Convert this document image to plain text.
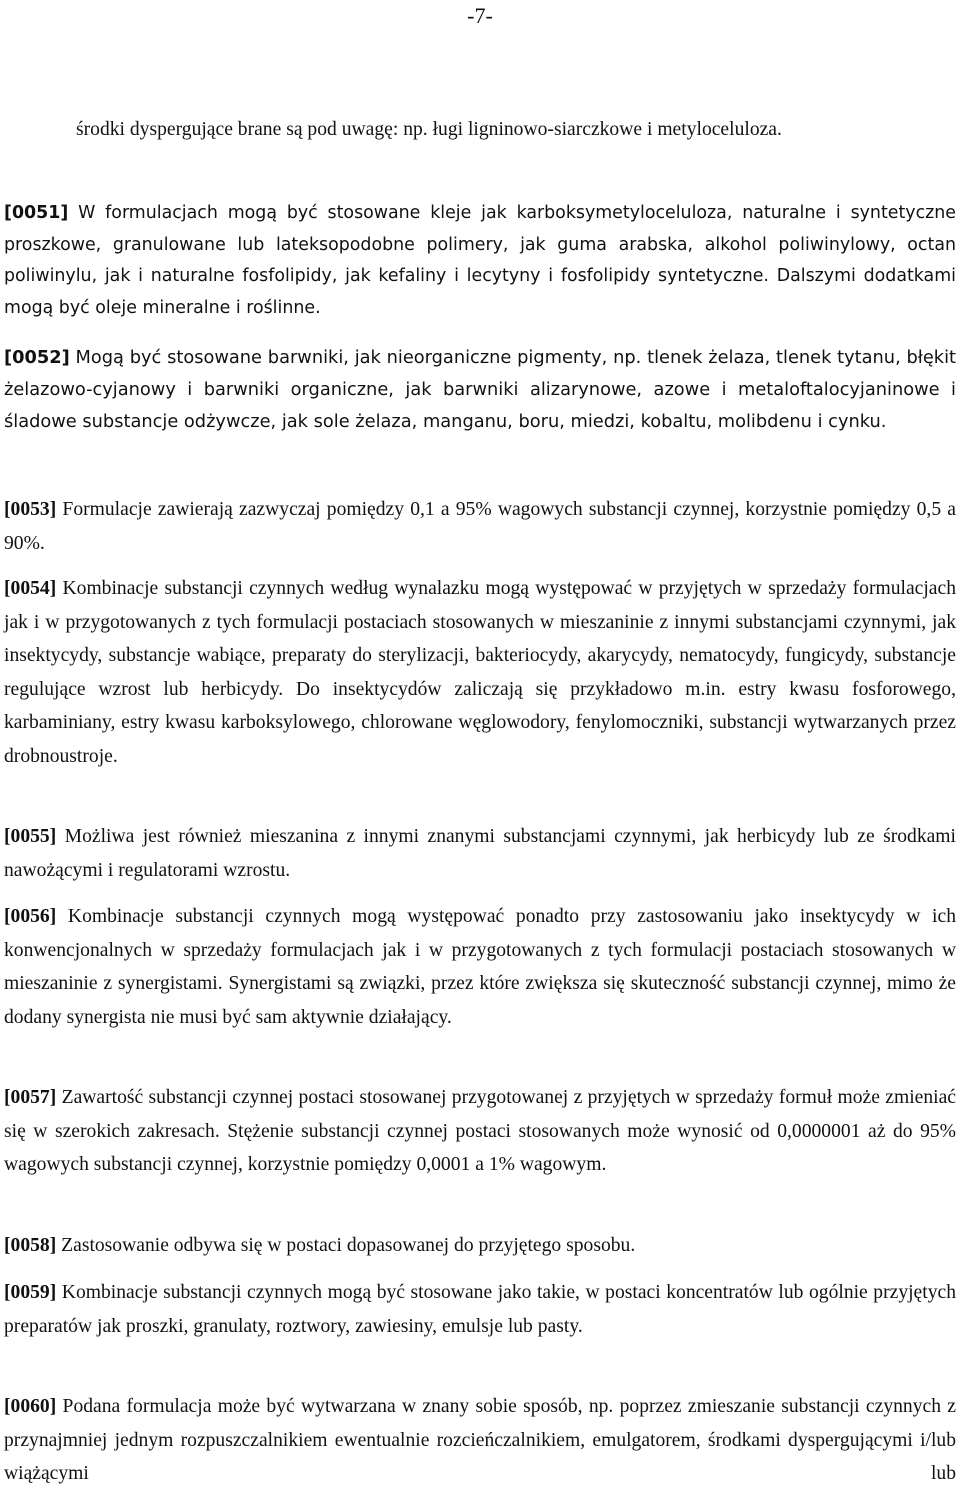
-7-

środki dyspergujące brane są pod uwagę: np. ługi ligninowo-siarczkowe i metyloceluloza.

[0051] W formulacjach mogą być stosowane kleje jak karboksymetyloceluloza, naturalne i syntetyczne proszkowe, granulowane lub lateksopodobne polimery, jak guma arabska, alkohol poliwinylowy, octan poliwinylu, jak i naturalne fosfolipidy, jak kefaliny i lecytyny i fosfolipidy syntetyczne. Dalszymi dodatkami mogą być oleje mineralne i roślinne.

[0052] Mogą być stosowane barwniki, jak nieorganiczne pigmenty, np. tlenek żelaza, tlenek tytanu, błękit żelazowo-cyjanowy i barwniki organiczne, jak barwniki alizarynowe, azowe i metaloftalocyjaninowe i śladowe substancje odżywcze, jak sole żelaza, manganu, boru, miedzi, kobaltu, molibdenu i cynku.

[0053] Formulacje zawierają zazwyczaj pomiędzy 0,1 a 95% wagowych substancji czynnej, korzystnie pomiędzy 0,5 a 90%.

[0054] Kombinacje substancji czynnych według wynalazku mogą występować w przyjętych w sprzedaży formulacjach jak i w przygotowanych z tych formulacji postaciach stosowanych w mieszaninie z innymi substancjami czynnymi, jak insektycydy, substancje wabiące, preparaty do sterylizacji, bakteriocydy, akarycydy, nematocydy, fungicydy, substancje regulujące wzrost lub herbicydy. Do insektycydów zaliczają się przykładowo m.in. estry kwasu fosforowego, karbaminiany, estry kwasu karboksylowego, chlorowane węglowodory, fenylomoczniki, substancji wytwarzanych przez drobnoustroje.

[0055] Możliwa jest również mieszanina z innymi znanymi substancjami czynnymi, jak herbicydy lub ze środkami nawożącymi i regulatorami wzrostu.

[0056] Kombinacje substancji czynnych mogą występować ponadto przy zastosowaniu jako insektycydy w ich konwencjonalnych w sprzedaży formulacjach jak i w przygotowanych z tych formulacji postaciach stosowanych w mieszaninie z synergistami. Synergistami są związki, przez które zwiększa się skuteczność substancji czynnej, mimo że dodany synergista nie musi być sam aktywnie działający.

[0057] Zawartość substancji czynnej postaci stosowanej przygotowanej z przyjętych w sprzedaży formuł może zmieniać się w szerokich zakresach. Stężenie substancji czynnej postaci stosowanych może wynosić od 0,0000001 aż do 95% wagowych substancji czynnej, korzystnie pomiędzy 0,0001 a 1% wagowym.

[0058] Zastosowanie odbywa się w postaci dopasowanej do przyjętego sposobu.

[0059] Kombinacje substancji czynnych mogą być stosowane jako takie, w postaci koncentratów lub ogólnie przyjętych preparatów jak proszki, granulaty, roztwory, zawiesiny, emulsje lub pasty.

[0060] Podana formulacja może być wytwarzana w znany sobie sposób, np. poprzez zmieszanie substancji czynnych z przynajmniej jednym rozpuszczalnikiem ewentualnie rozcieńczalnikiem, emulgatorem, środkami dyspergującymi i/lub wiążącymi lub
